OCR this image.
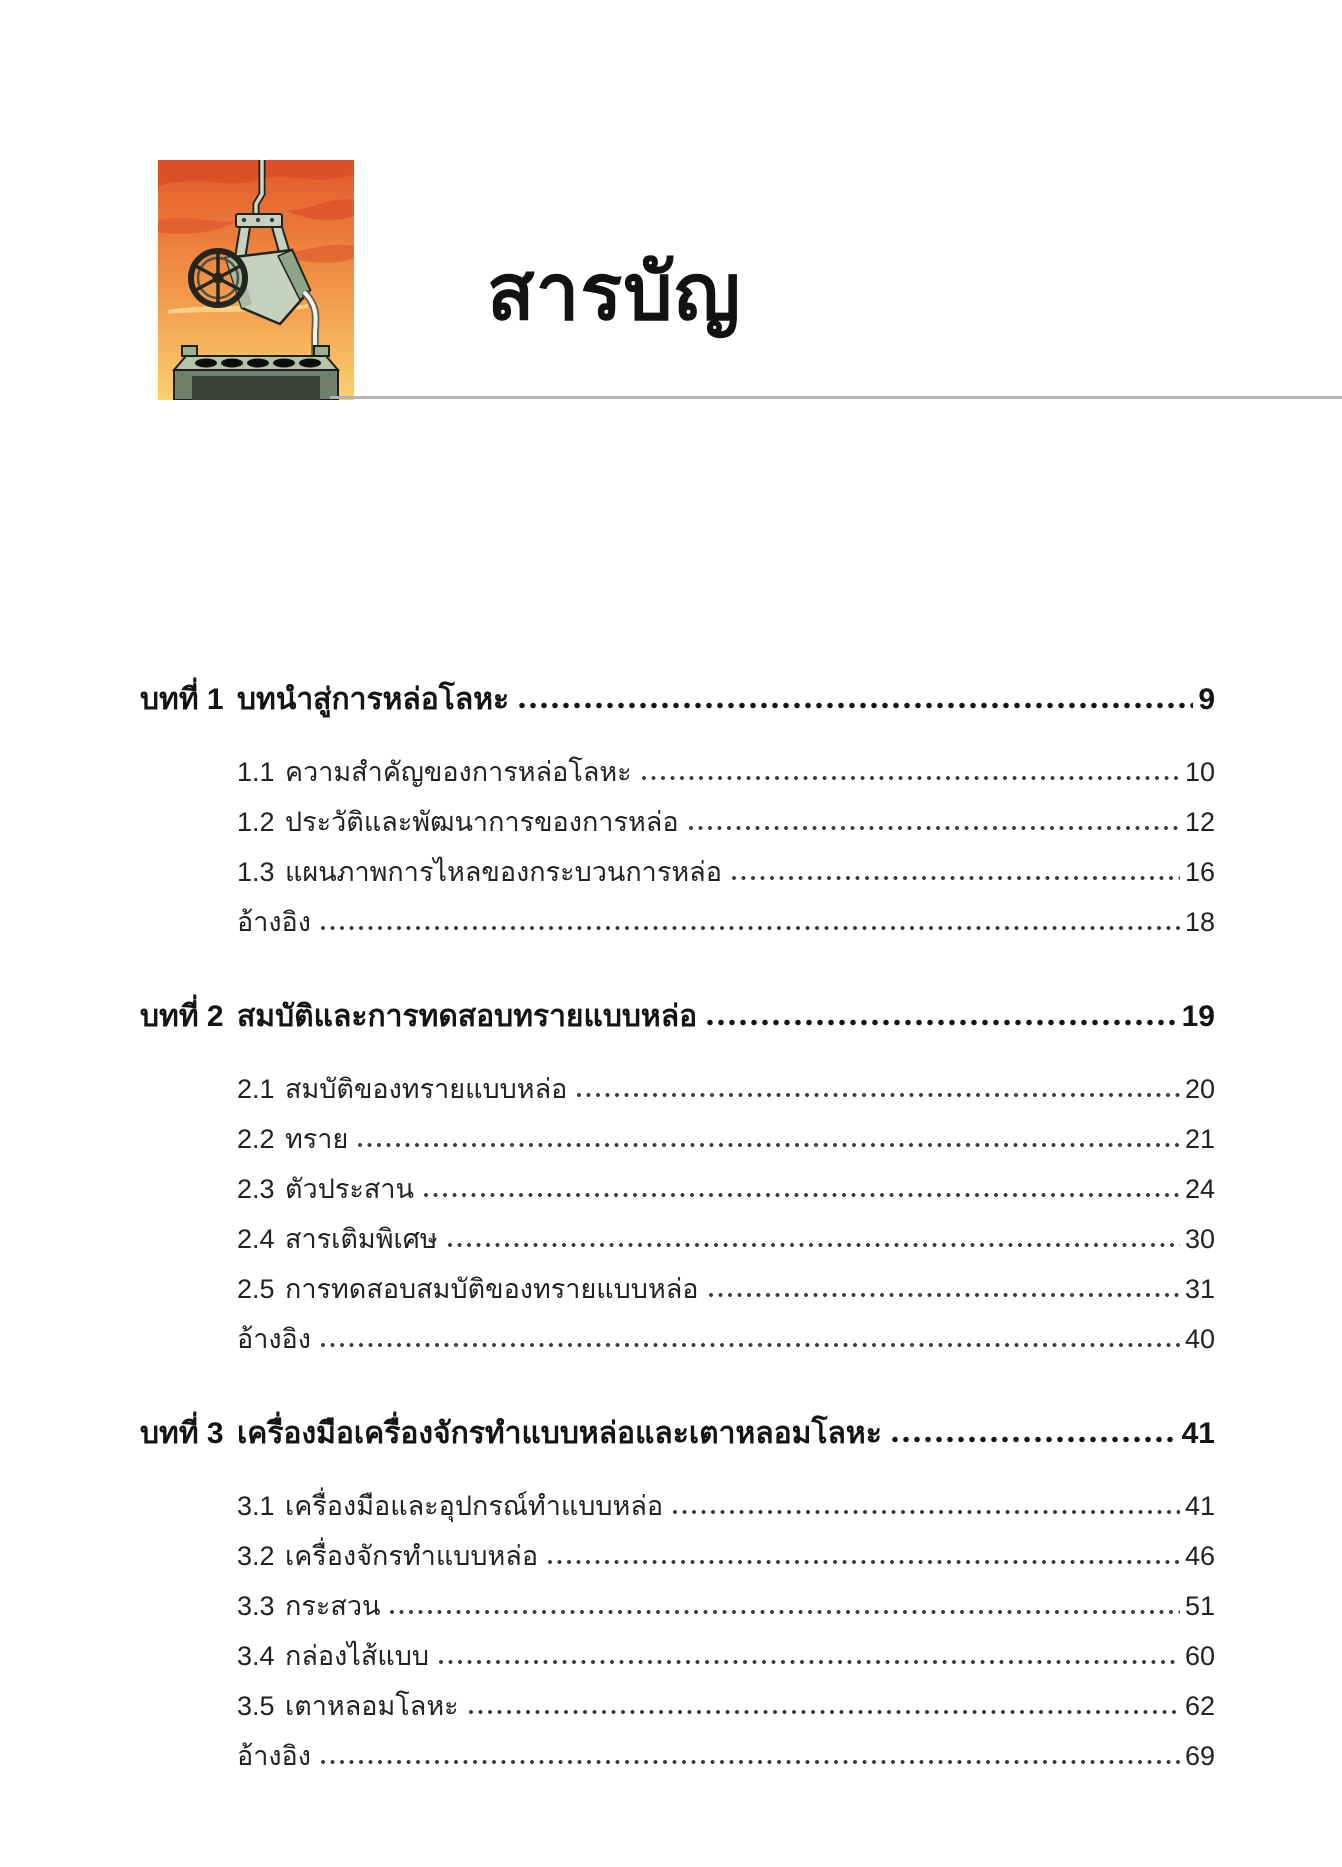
สารบัญ
บทที่ 1 บทนำสู่การหล่อโลหะ	9
1.1 ความสำคัญของการหล่อโลหะ	10
1.2 ประวัติและพัฒนาการของการหล่อ	12
1.3 แผนภาพการไหลของกระบวนการหล่อ	16
อ้างอิง	18
บทที่ 2 สมบัติและการทดสอบทรายแบบหล่อ	19
2.1 สมบัติของทรายแบบหล่อ	20
2.2 ทราย	21
2.3 ตัวประสาน	24
2.4 สารเติมพิเศษ	30
2.5 การทดสอบสมบัติของทรายแบบหล่อ	31
อ้างอิง	40
บทที่ 3 เครื่องมือเครื่องจักรทำแบบหล่อและเตาหลอมโลหะ	41
3.1 เครื่องมือและอุปกรณ์ทำแบบหล่อ	41
3.2 เครื่องจักรทำแบบหล่อ	46
3.3 กระสวน	51
3.4 กล่องไส้แบบ	60
3.5 เตาหลอมโลหะ	62
อ้างอิง	69
